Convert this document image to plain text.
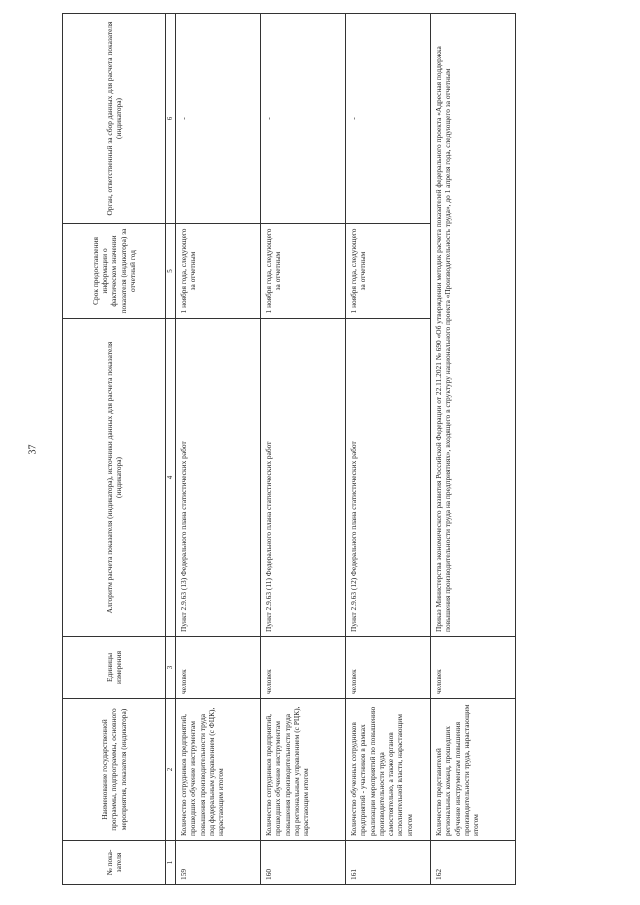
37
№ пока-зателя	Наименование государственной программы, подпрограммы, основного мероприятия, показателя (индикатора)	Единицы измерения	Алгоритм расчета показателя (индикатора), источники данных для расчета показателя (индикатора)	Срок предоставления информации о фактическом значении показателя (индикатора) за отчетный год	Орган, ответственный за сбор данных для расчета показателя (индикатора)
1	2	3	4	5	6
159	Количество сотрудников предприятий, прошедших обучение инструментам повышения производительности труда под федеральным управлением (с ФЦК), нарастающим итогом	человек	Пункт 2.9.63 (13) Федерального плана статистических работ	1 ноября года, следующего за отчетным	-
160	Количество сотрудников предприятий, прошедших обучение инструментам повышения производительности труда под региональным управлением (с РЦК), нарастающим итогом	человек	Пункт 2.9.63 (11) Федерального плана статистических работ	1 ноября года, следующего за отчетным	-
161	Количество обученных сотрудников предприятий - участников в рамках реализации мероприятий по повышению производительности труда самостоятельно, а также органов исполнительной власти, нарастающим итогом	человек	Пункт 2.9.63 (12) Федерального плана статистических работ	1 ноября года, следующего за отчетным	-
162	Количество представителей региональных команд, прошедших обучение инструментам повышения производительности труда, нарастающим итогом	человек	Приказ Министерства экономического развития Российской Федерации от 22.11.2021 № 690 «Об утверждении методик расчета показателей федерального проекта «Адресная поддержка повышения производительности труда на предприятиях», входящего в структуру национального проекта «Производительность труда», до 1 апреля года, следующего за отчетным		
